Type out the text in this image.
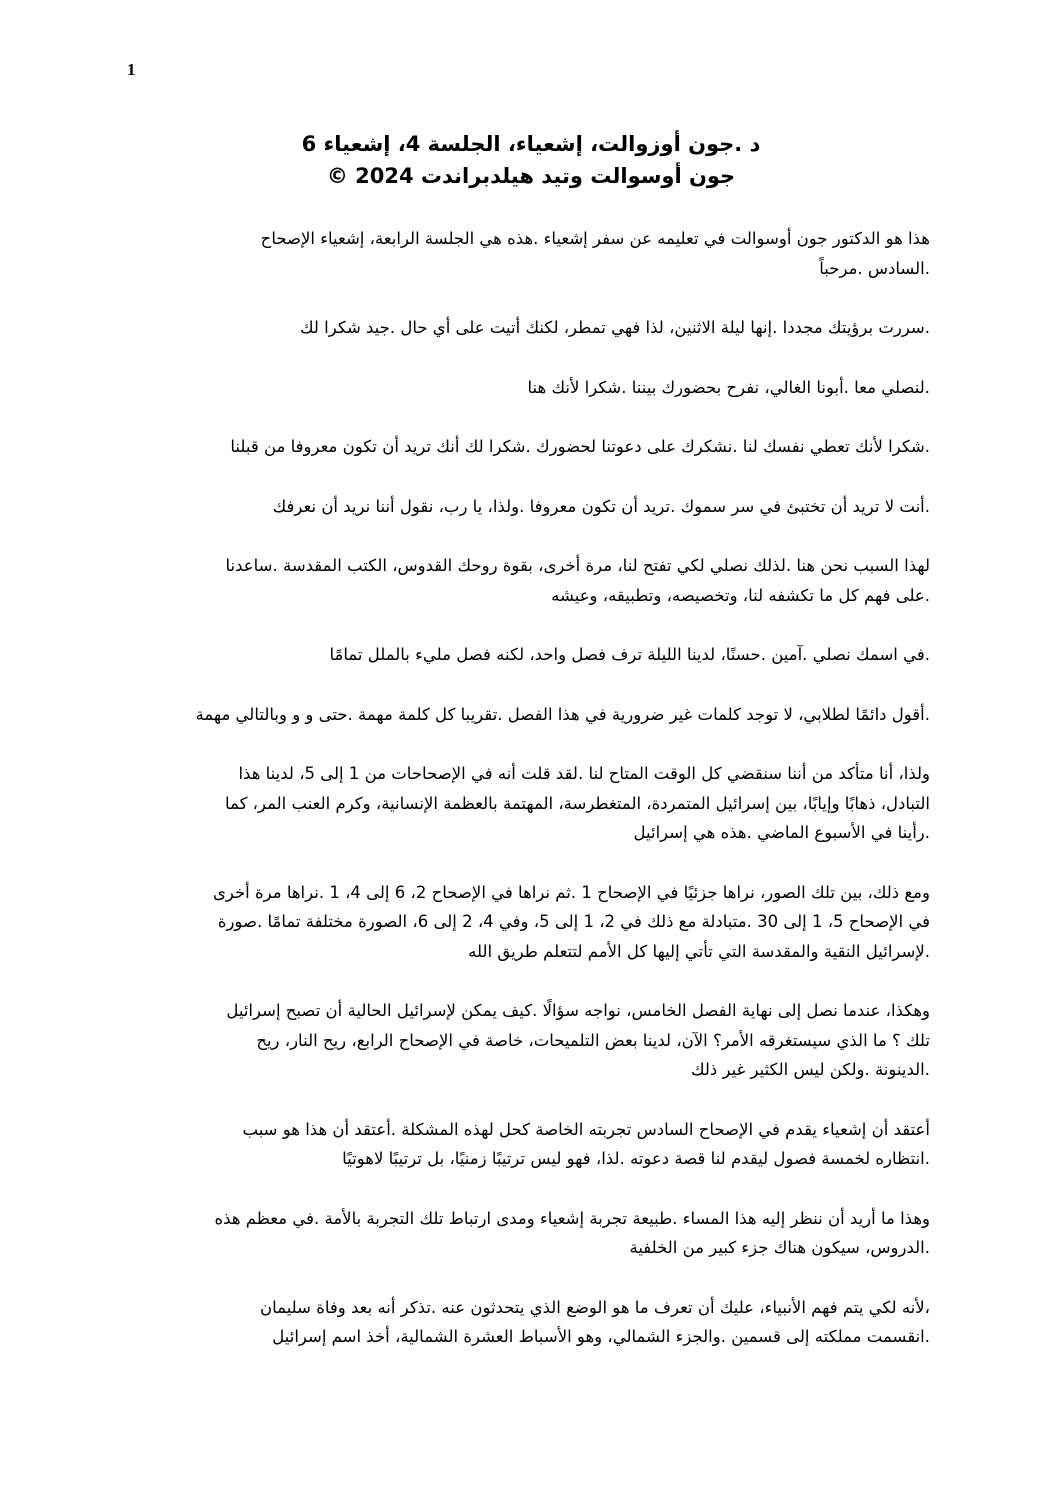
1
د .جون أوزوالت، إشعياء، الجلسة 4، إشعياء 6
جون أوسوالت وتيد هيلدبراندت 2024 ©
هذا هو الدكتور جون أوسوالت في تعليمه عن سفر إشعياء .هذه هي الجلسة الرابعة، إشعياء الإصحاح
.السادس .مرحباً
.سررت برؤيتك مجددا .إنها ليلة الاثنين، لذا فهي تمطر، لكنك أتيت على أي حال .جيد شكرا لك
.لنصلي معا .أبونا الغالي، نفرح بحضورك بيننا .شكرا لأنك هنا
.شكرا لأنك تعطي نفسك لنا .نشكرك على دعوتنا لحضورك .شكرا لك أنك تريد أن تكون معروفا من قبلنا
.أنت لا تريد أن تختبئ في سر سموك .تريد أن تكون معروفا .ولذا، يا رب، نقول أننا نريد أن نعرفك
لهذا السبب نحن هنا .لذلك نصلي لكي تفتح لنا، مرة أخرى، بقوة روحك القدوس، الكتب المقدسة .ساعدنا
.على فهم كل ما تكشفه لنا، وتخصيصه، وتطبيقه، وعيشه
.في اسمك نصلي .آمين .حسنًا، لدينا الليلة ترف فصل واحد، لكنه فصل مليء بالملل تمامًا
.أقول دائمًا لطلابي، لا توجد كلمات غير ضرورية في هذا الفصل .تقريبا كل كلمة مهمة .حتى و و وبالتالي مهمة
ولذا، أنا متأكد من أننا سنقضي كل الوقت المتاح لنا .لقد قلت أنه في الإصحاحات من 1 إلى 5، لدينا هذا
التبادل، ذهابًا وإيابًا، بين إسرائيل المتمردة، المتغطرسة، المهتمة بالعظمة الإنسانية، وكرم العنب المر، كما
.رأينا في الأسبوع الماضي .هذه هي إسرائيل
ومع ذلك، بين تلك الصور، نراها جزئيًا في الإصحاح 1 .ثم نراها في الإصحاح 2، 6 إلى 4، 1 .نراها مرة أخرى
في الإصحاح 5، 1 إلى 30 .متبادلة مع ذلك في 2، 1 إلى 5، وفي 4، 2 إلى 6، الصورة مختلفة تمامًا .صورة
.لإسرائيل النقية والمقدسة التي تأتي إليها كل الأمم لتتعلم طريق الله
وهكذا، عندما نصل إلى نهاية الفصل الخامس، نواجه سؤالًا .كيف يمكن لإسرائيل الحالية أن تصبح إسرائيل
تلك ؟ ما الذي سيستغرقه الأمر؟ الآن، لدينا بعض التلميحات، خاصة في الإصحاح الرابع، ريح النار، ريح
.الدينونة .ولكن ليس الكثير غير ذلك
أعتقد أن إشعياء يقدم في الإصحاح السادس تجربته الخاصة كحل لهذه المشكلة .أعتقد أن هذا هو سبب
.انتظاره لخمسة فصول ليقدم لنا قصة دعوته .لذا، فهو ليس ترتيبًا زمنيًا، بل ترتيبًا لاهوتيًا
وهذا ما أريد أن ننظر إليه هذا المساء .طبيعة تجربة إشعياء ومدى ارتباط تلك التجربة بالأمة .في معظم هذه
.الدروس، سيكون هناك جزء كبير من الخلفية
،لأنه لكي يتم فهم الأنبياء، عليك أن تعرف ما هو الوضع الذي يتحدثون عنه .تذكر أنه بعد وفاة سليمان
.انقسمت مملكته إلى قسمين .والجزء الشمالي، وهو الأسباط العشرة الشمالية، أخذ اسم إسرائيل
